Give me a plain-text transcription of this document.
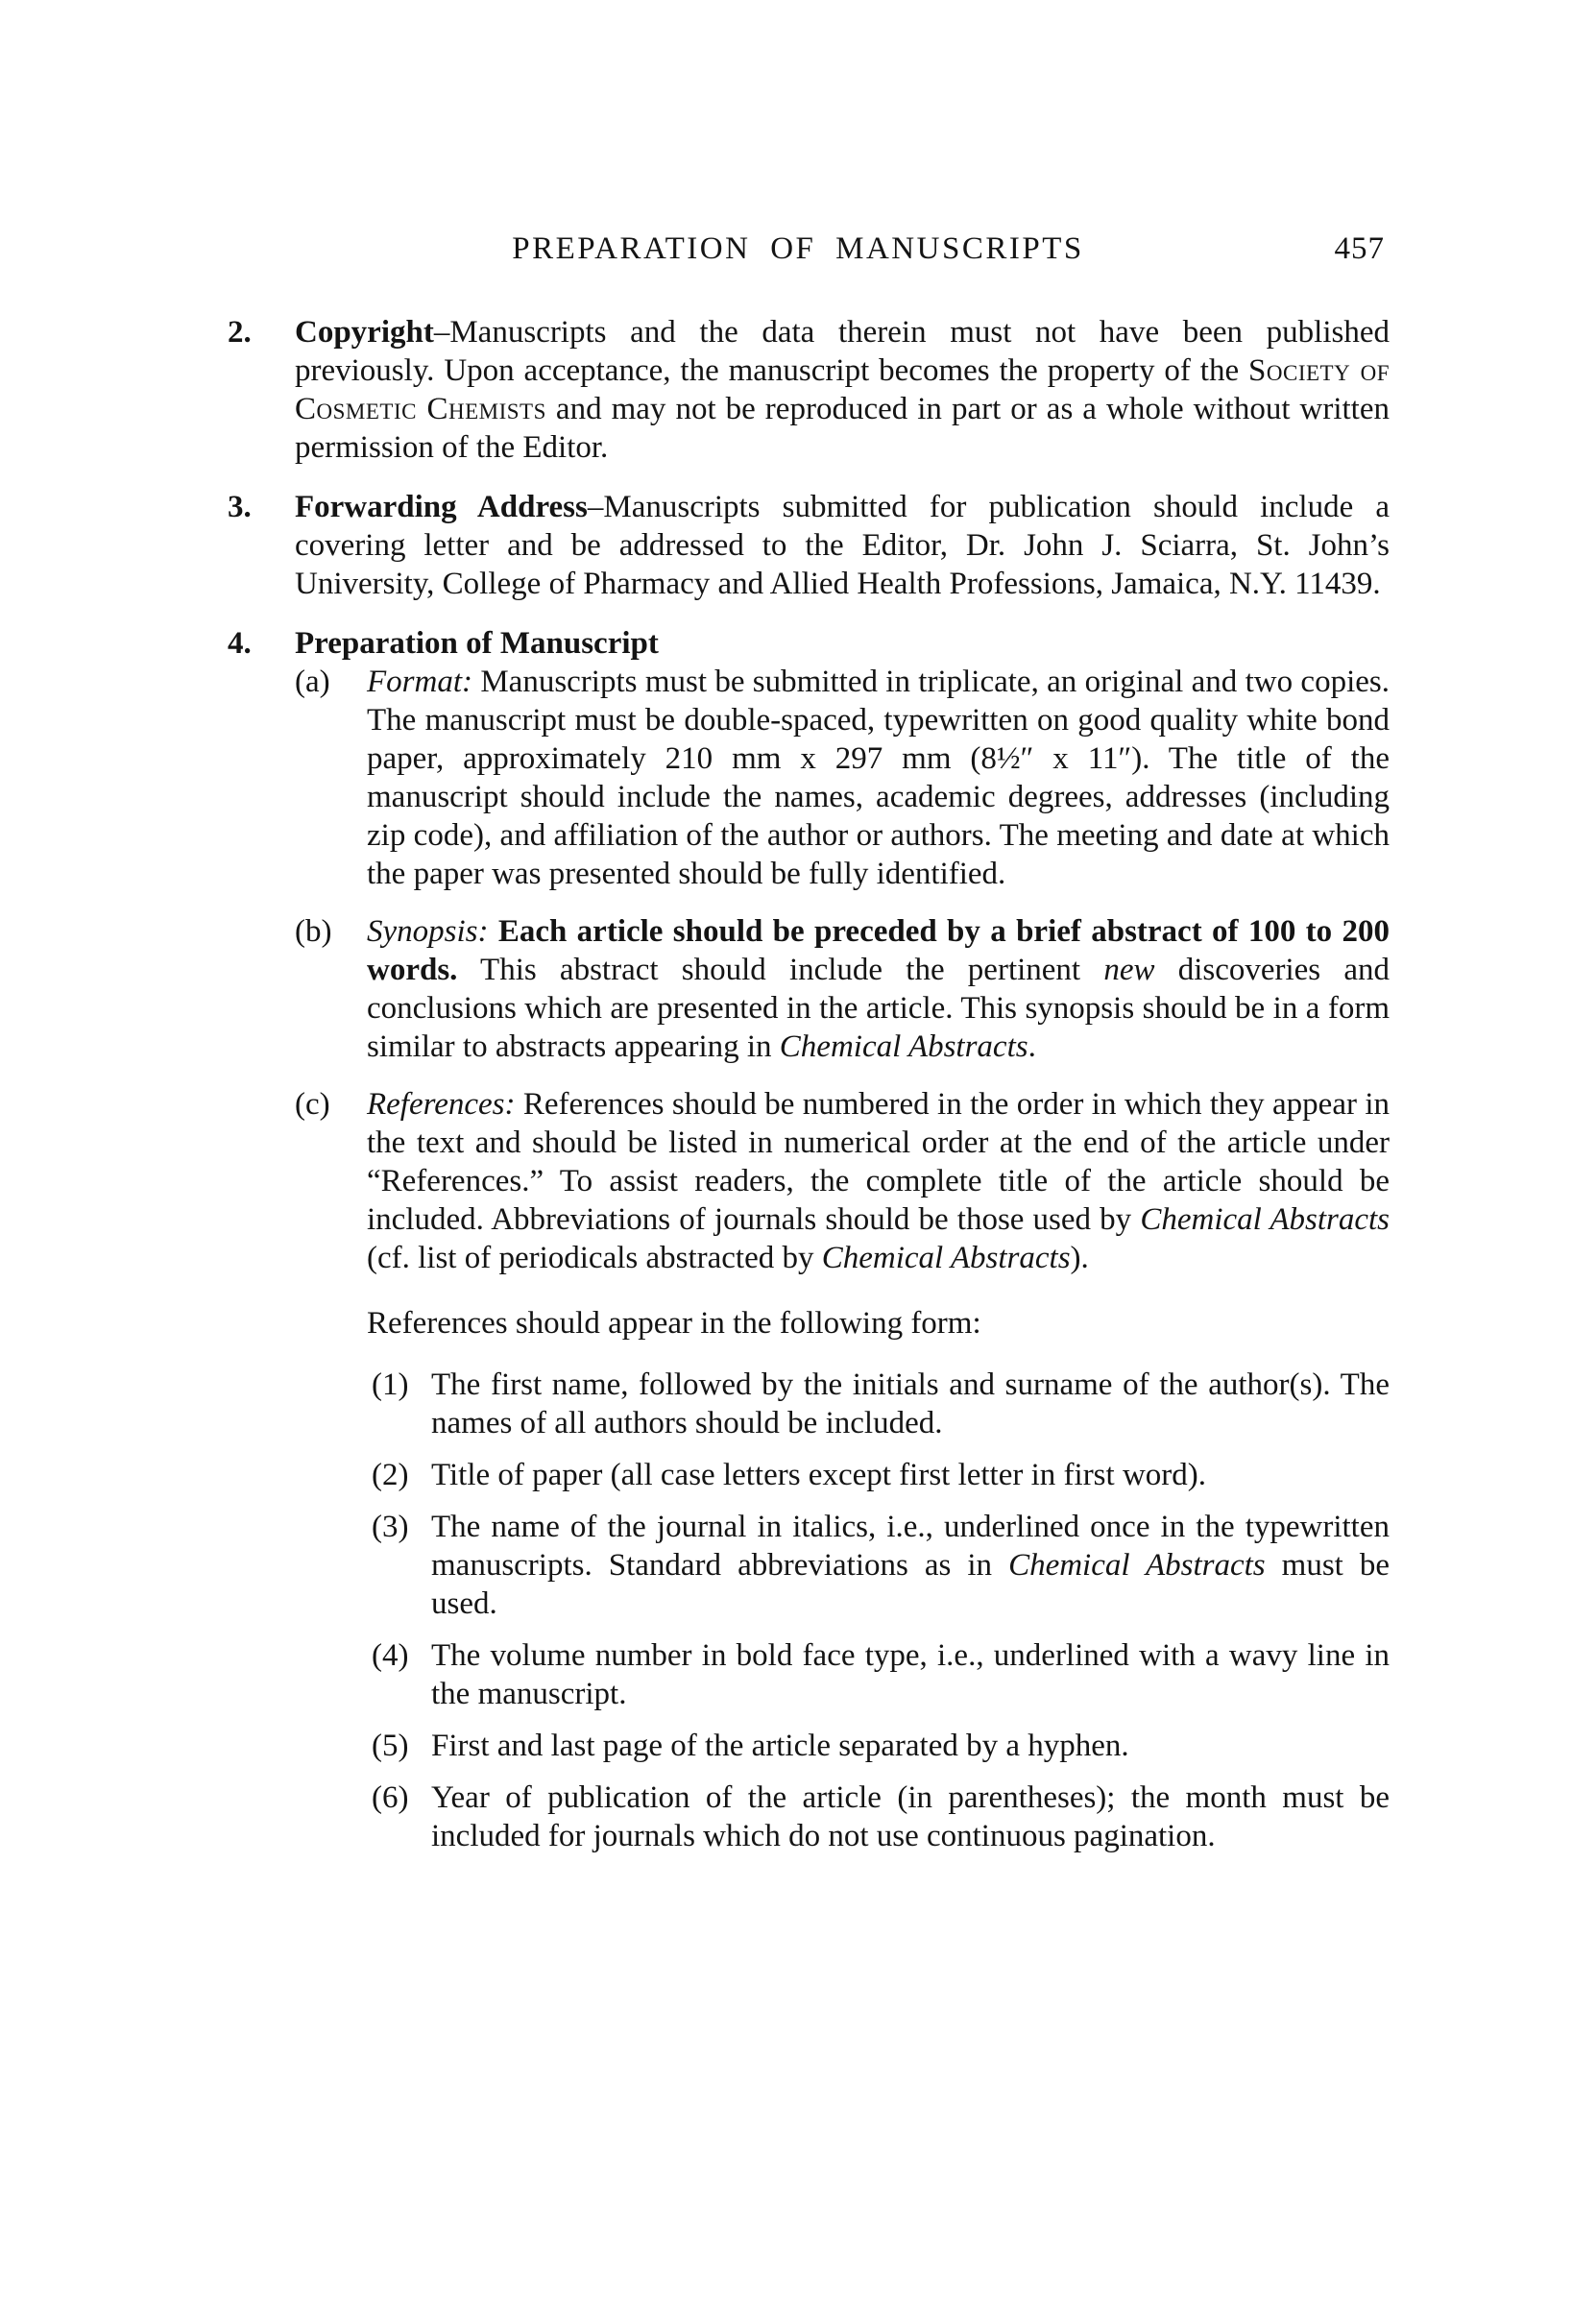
PREPARATION OF MANUSCRIPTS	457
2.	Copyright–Manuscripts and the data therein must not have been published previously. Upon acceptance, the manuscript becomes the property of the Society of Cosmetic Chemists and may not be reproduced in part or as a whole without written permission of the Editor.
3.	Forwarding Address–Manuscripts submitted for publication should include a covering letter and be addressed to the Editor, Dr. John J. Sciarra, St. John’s University, College of Pharmacy and Allied Health Professions, Jamaica, N.Y. 11439.
4.	Preparation of Manuscript
(a)	Format: Manuscripts must be submitted in triplicate, an original and two copies. The manuscript must be double-spaced, typewritten on good quality white bond paper, approximately 210 mm x 297 mm (8½″ x 11″). The title of the manuscript should include the names, academic degrees, addresses (including zip code), and affiliation of the author or authors. The meeting and date at which the paper was presented should be fully identified.
(b)	Synopsis: Each article should be preceded by a brief abstract of 100 to 200 words. This abstract should include the pertinent new discoveries and conclusions which are presented in the article. This synopsis should be in a form similar to abstracts appearing in Chemical Abstracts.
(c)	References: References should be numbered in the order in which they appear in the text and should be listed in numerical order at the end of the article under “References.” To assist readers, the complete title of the article should be included. Abbreviations of journals should be those used by Chemical Abstracts (cf. list of periodicals abstracted by Chemical Abstracts).
References should appear in the following form:
(1) The first name, followed by the initials and surname of the author(s). The names of all authors should be included.
(2) Title of paper (all case letters except first letter in first word).
(3) The name of the journal in italics, i.e., underlined once in the typewritten manuscripts. Standard abbreviations as in Chemical Abstracts must be used.
(4) The volume number in bold face type, i.e., underlined with a wavy line in the manuscript.
(5) First and last page of the article separated by a hyphen.
(6) Year of publication of the article (in parentheses); the month must be included for journals which do not use continuous pagination.
